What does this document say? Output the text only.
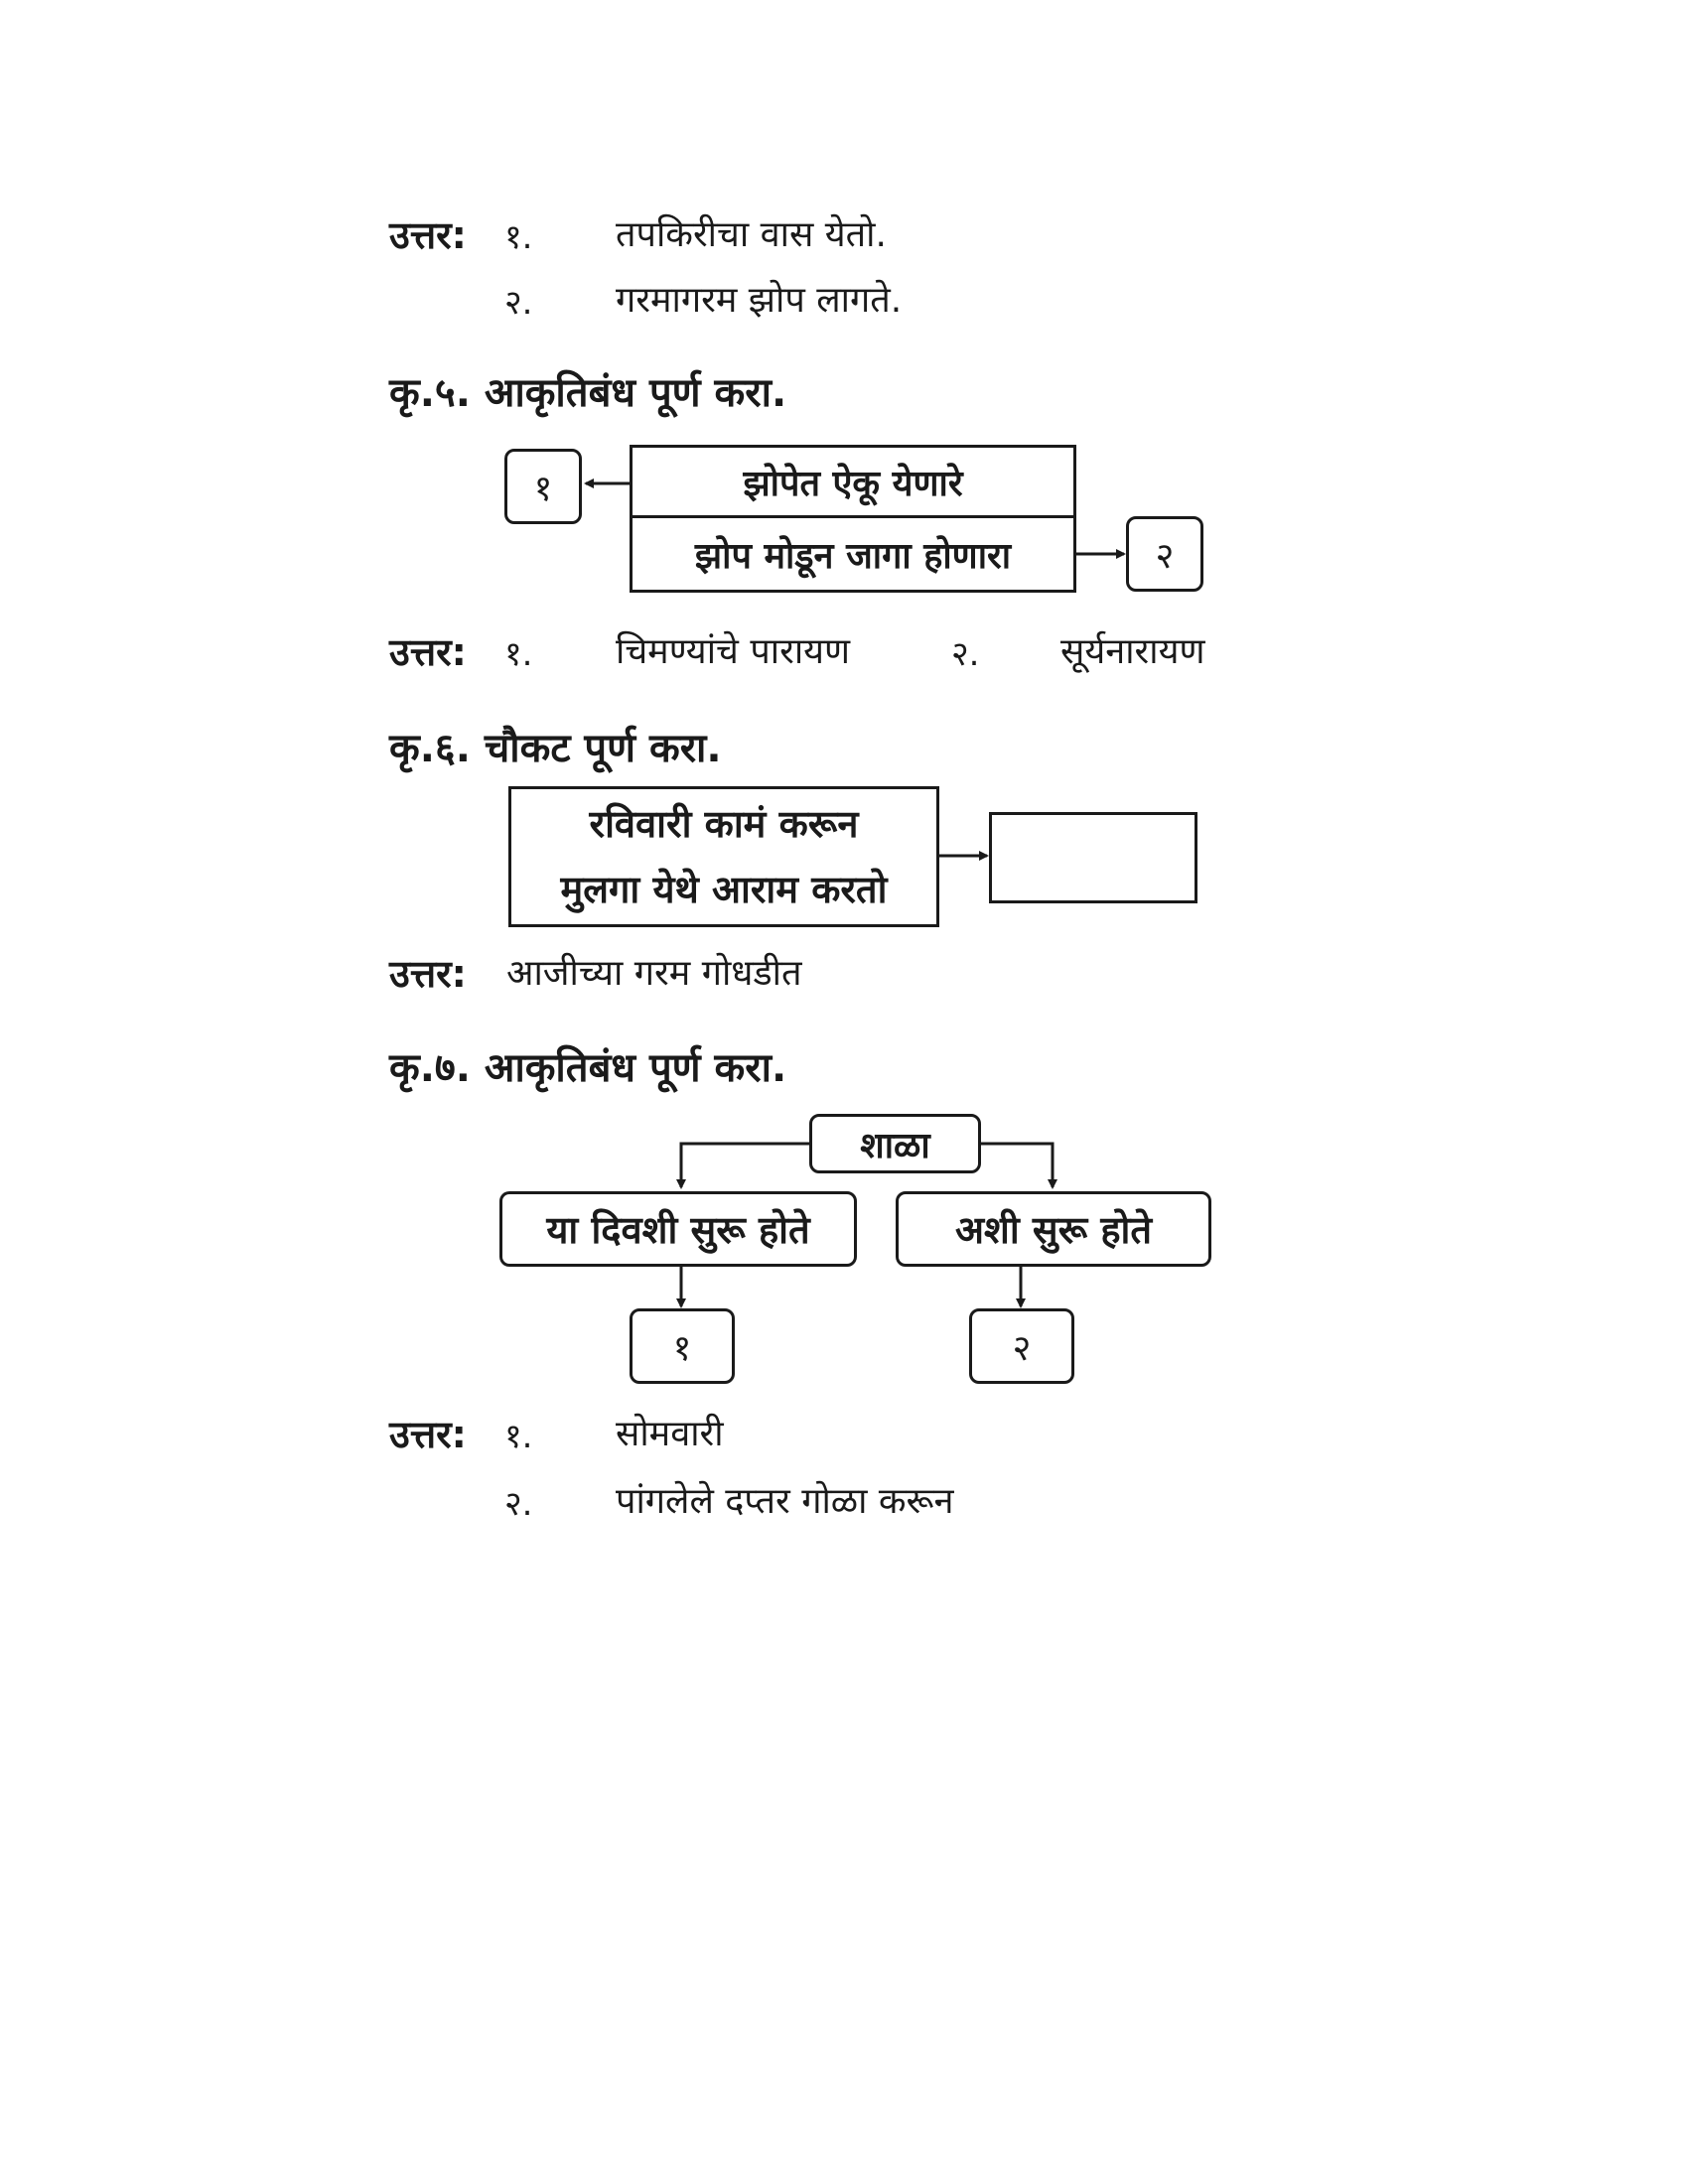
उत्तर: १. तपकिरीचा वास येतो.
२. गरमागरम झोप लागते.
कृ.५. आकृतिबंध पूर्ण करा.
१	झोपेत ऐकू येणारे
झोप मोडून जागा होणारा	२
उत्तर: १. चिमण्यांचे पारायण	२. सूर्यनारायण
कृ.६. चौकट पूर्ण करा.
रविवारी कामं करून
मुलगा येथे आराम करतो
उत्तर: आजीच्या गरम गोधडीत
कृ.७. आकृतिबंध पूर्ण करा.
शाळा
या दिवशी सुरू होते	अशी सुरू होते
१	२
उत्तर: १. सोमवारी
२. पांगलेले दप्तर गोळा करून
